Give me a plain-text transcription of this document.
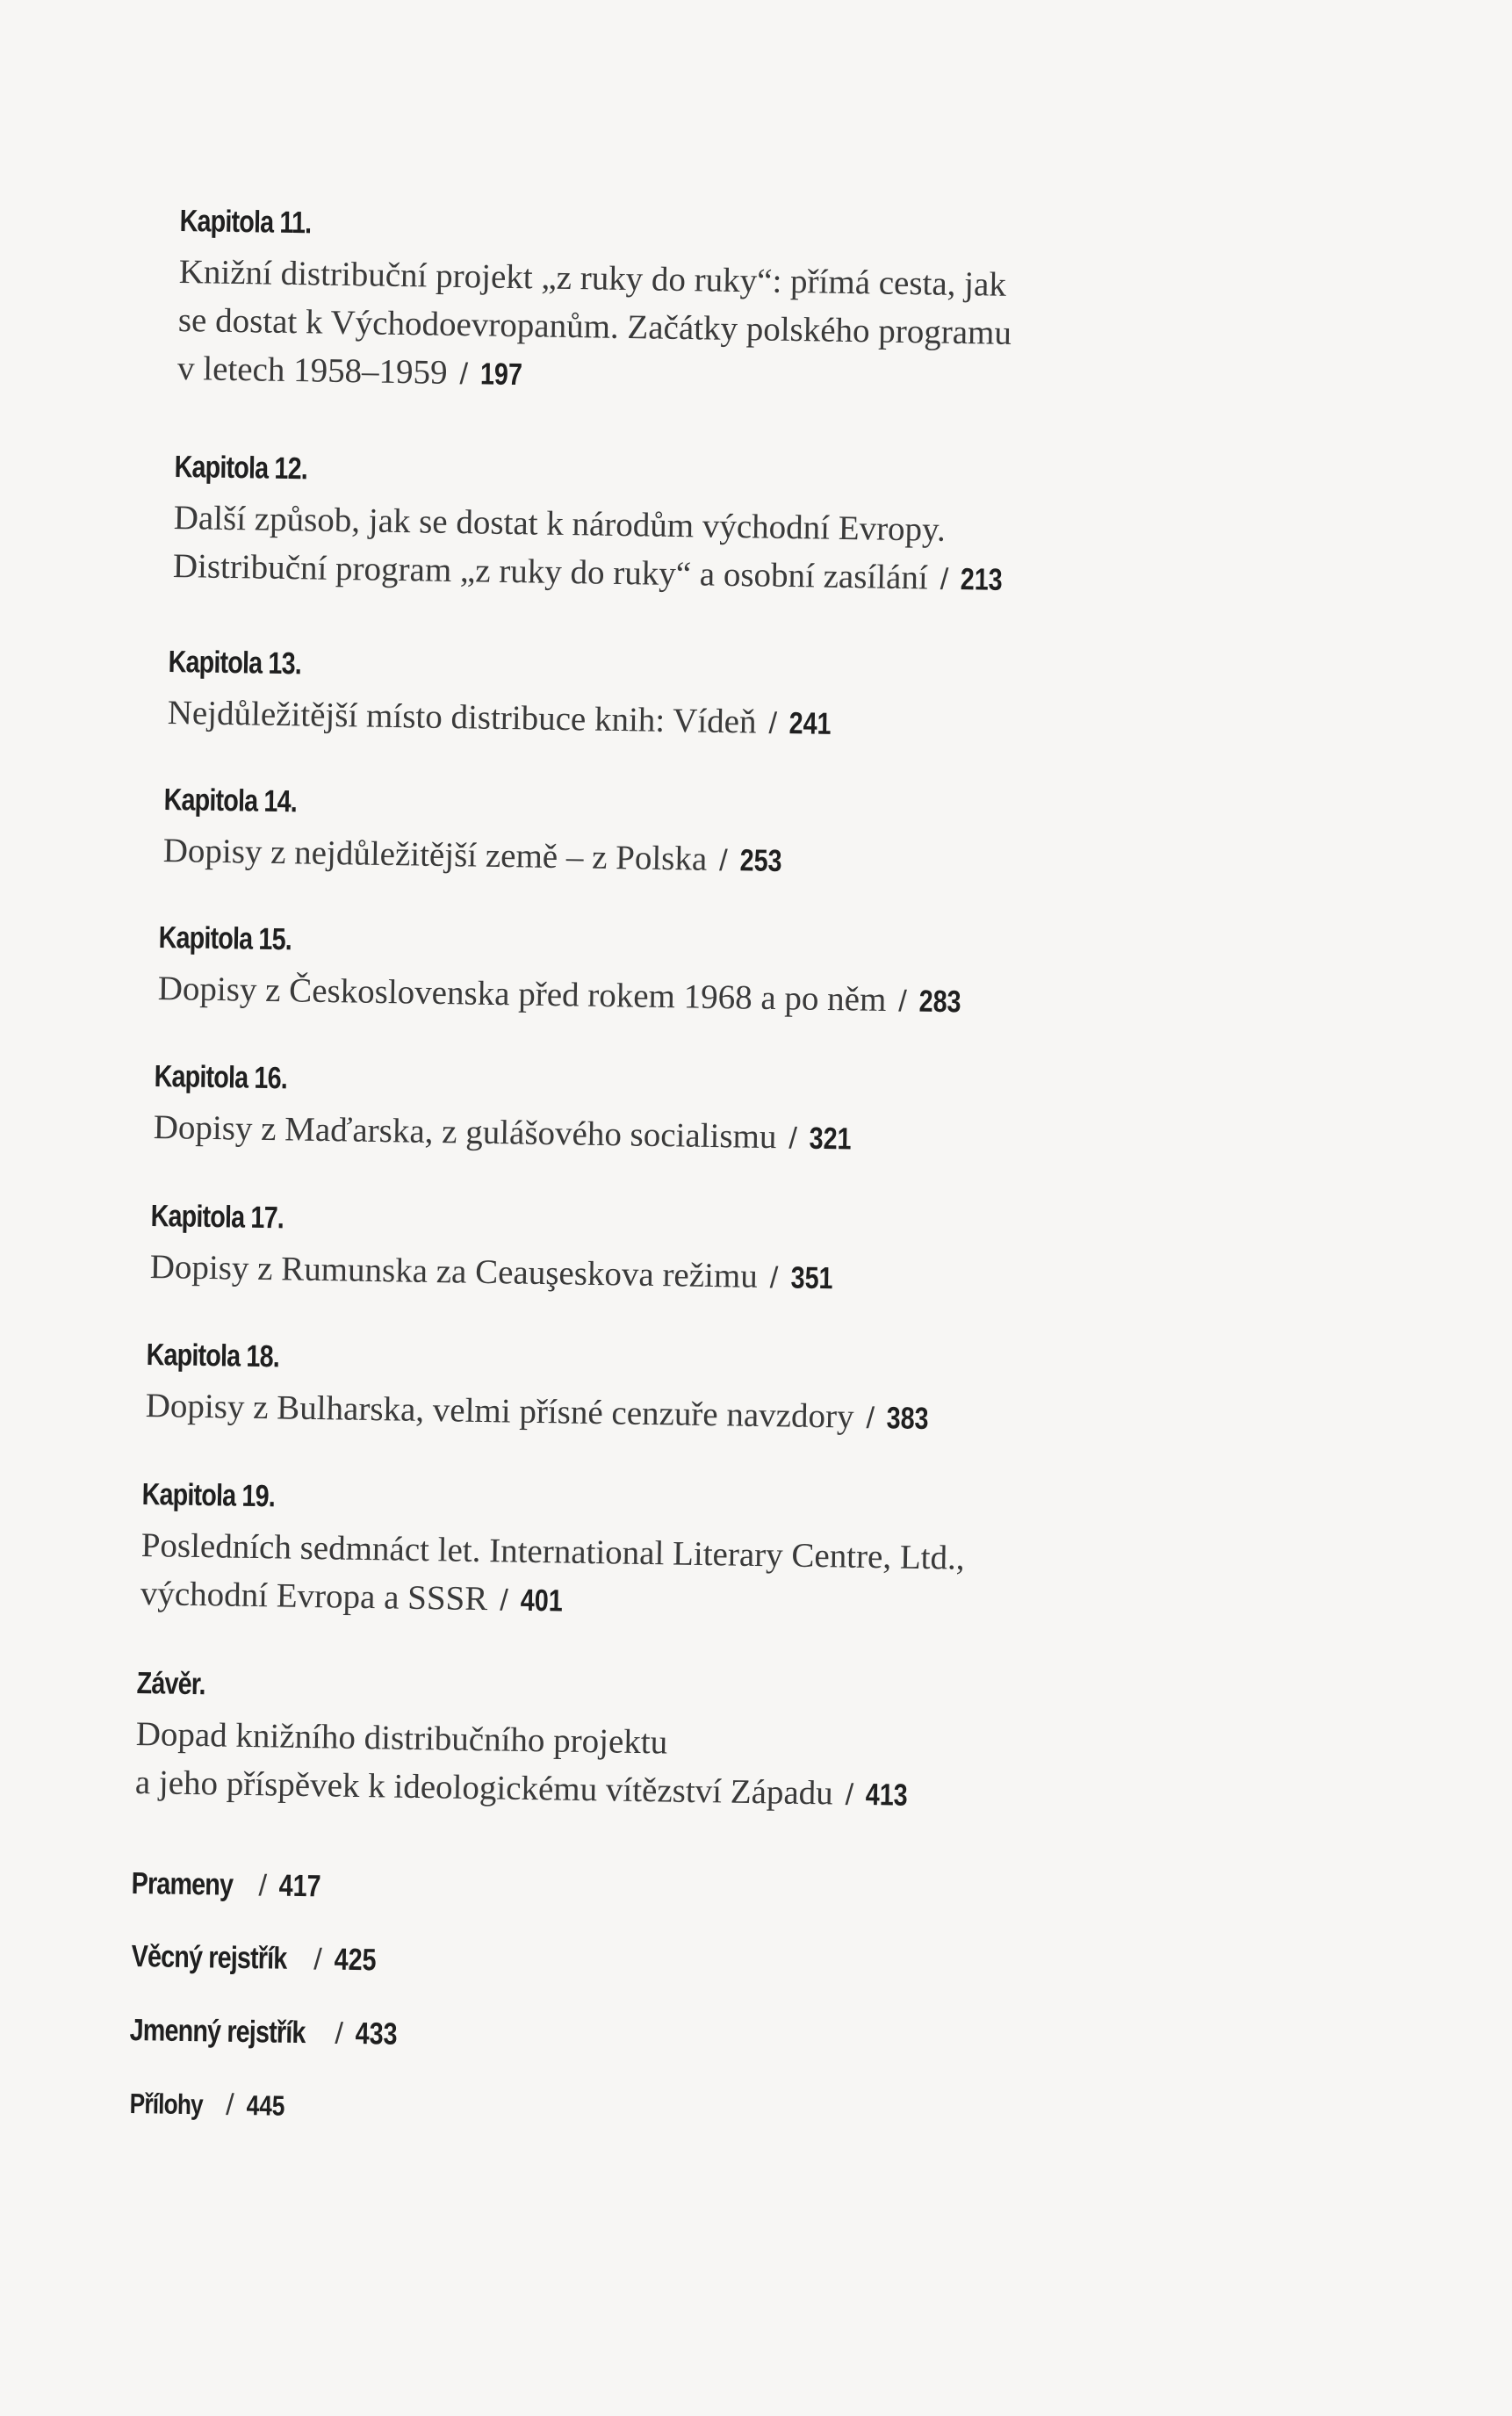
Kapitola 11.
Knižní distribuční projekt „z ruky do ruky“: přímá cesta, jak
se dostat k Východoevropanům. Začátky polského programu
v letech 1958–1959 / 197
Kapitola 12.
Další způsob, jak se dostat k národům východní Evropy.
Distribuční program „z ruky do ruky“ a osobní zasílání / 213
Kapitola 13.
Nejdůležitější místo distribuce knih: Vídeň / 241
Kapitola 14.
Dopisy z nejdůležitější země – z Polska / 253
Kapitola 15.
Dopisy z Československa před rokem 1968 a po něm / 283
Kapitola 16.
Dopisy z Maďarska, z gulášového socialismu / 321
Kapitola 17.
Dopisy z Rumunska za Ceauşeskova režimu / 351
Kapitola 18.
Dopisy z Bulharska, velmi přísné cenzuře navzdory / 383
Kapitola 19.
Posledních sedmnáct let. International Literary Centre, Ltd.,
východní Evropa a SSSR / 401
Závěr.
Dopad knižního distribučního projektu
a jeho příspěvek k ideologickému vítězství Západu / 413
Prameny / 417
Věcný rejstřík / 425
Jmenný rejstřík / 433
Přílohy / 445
